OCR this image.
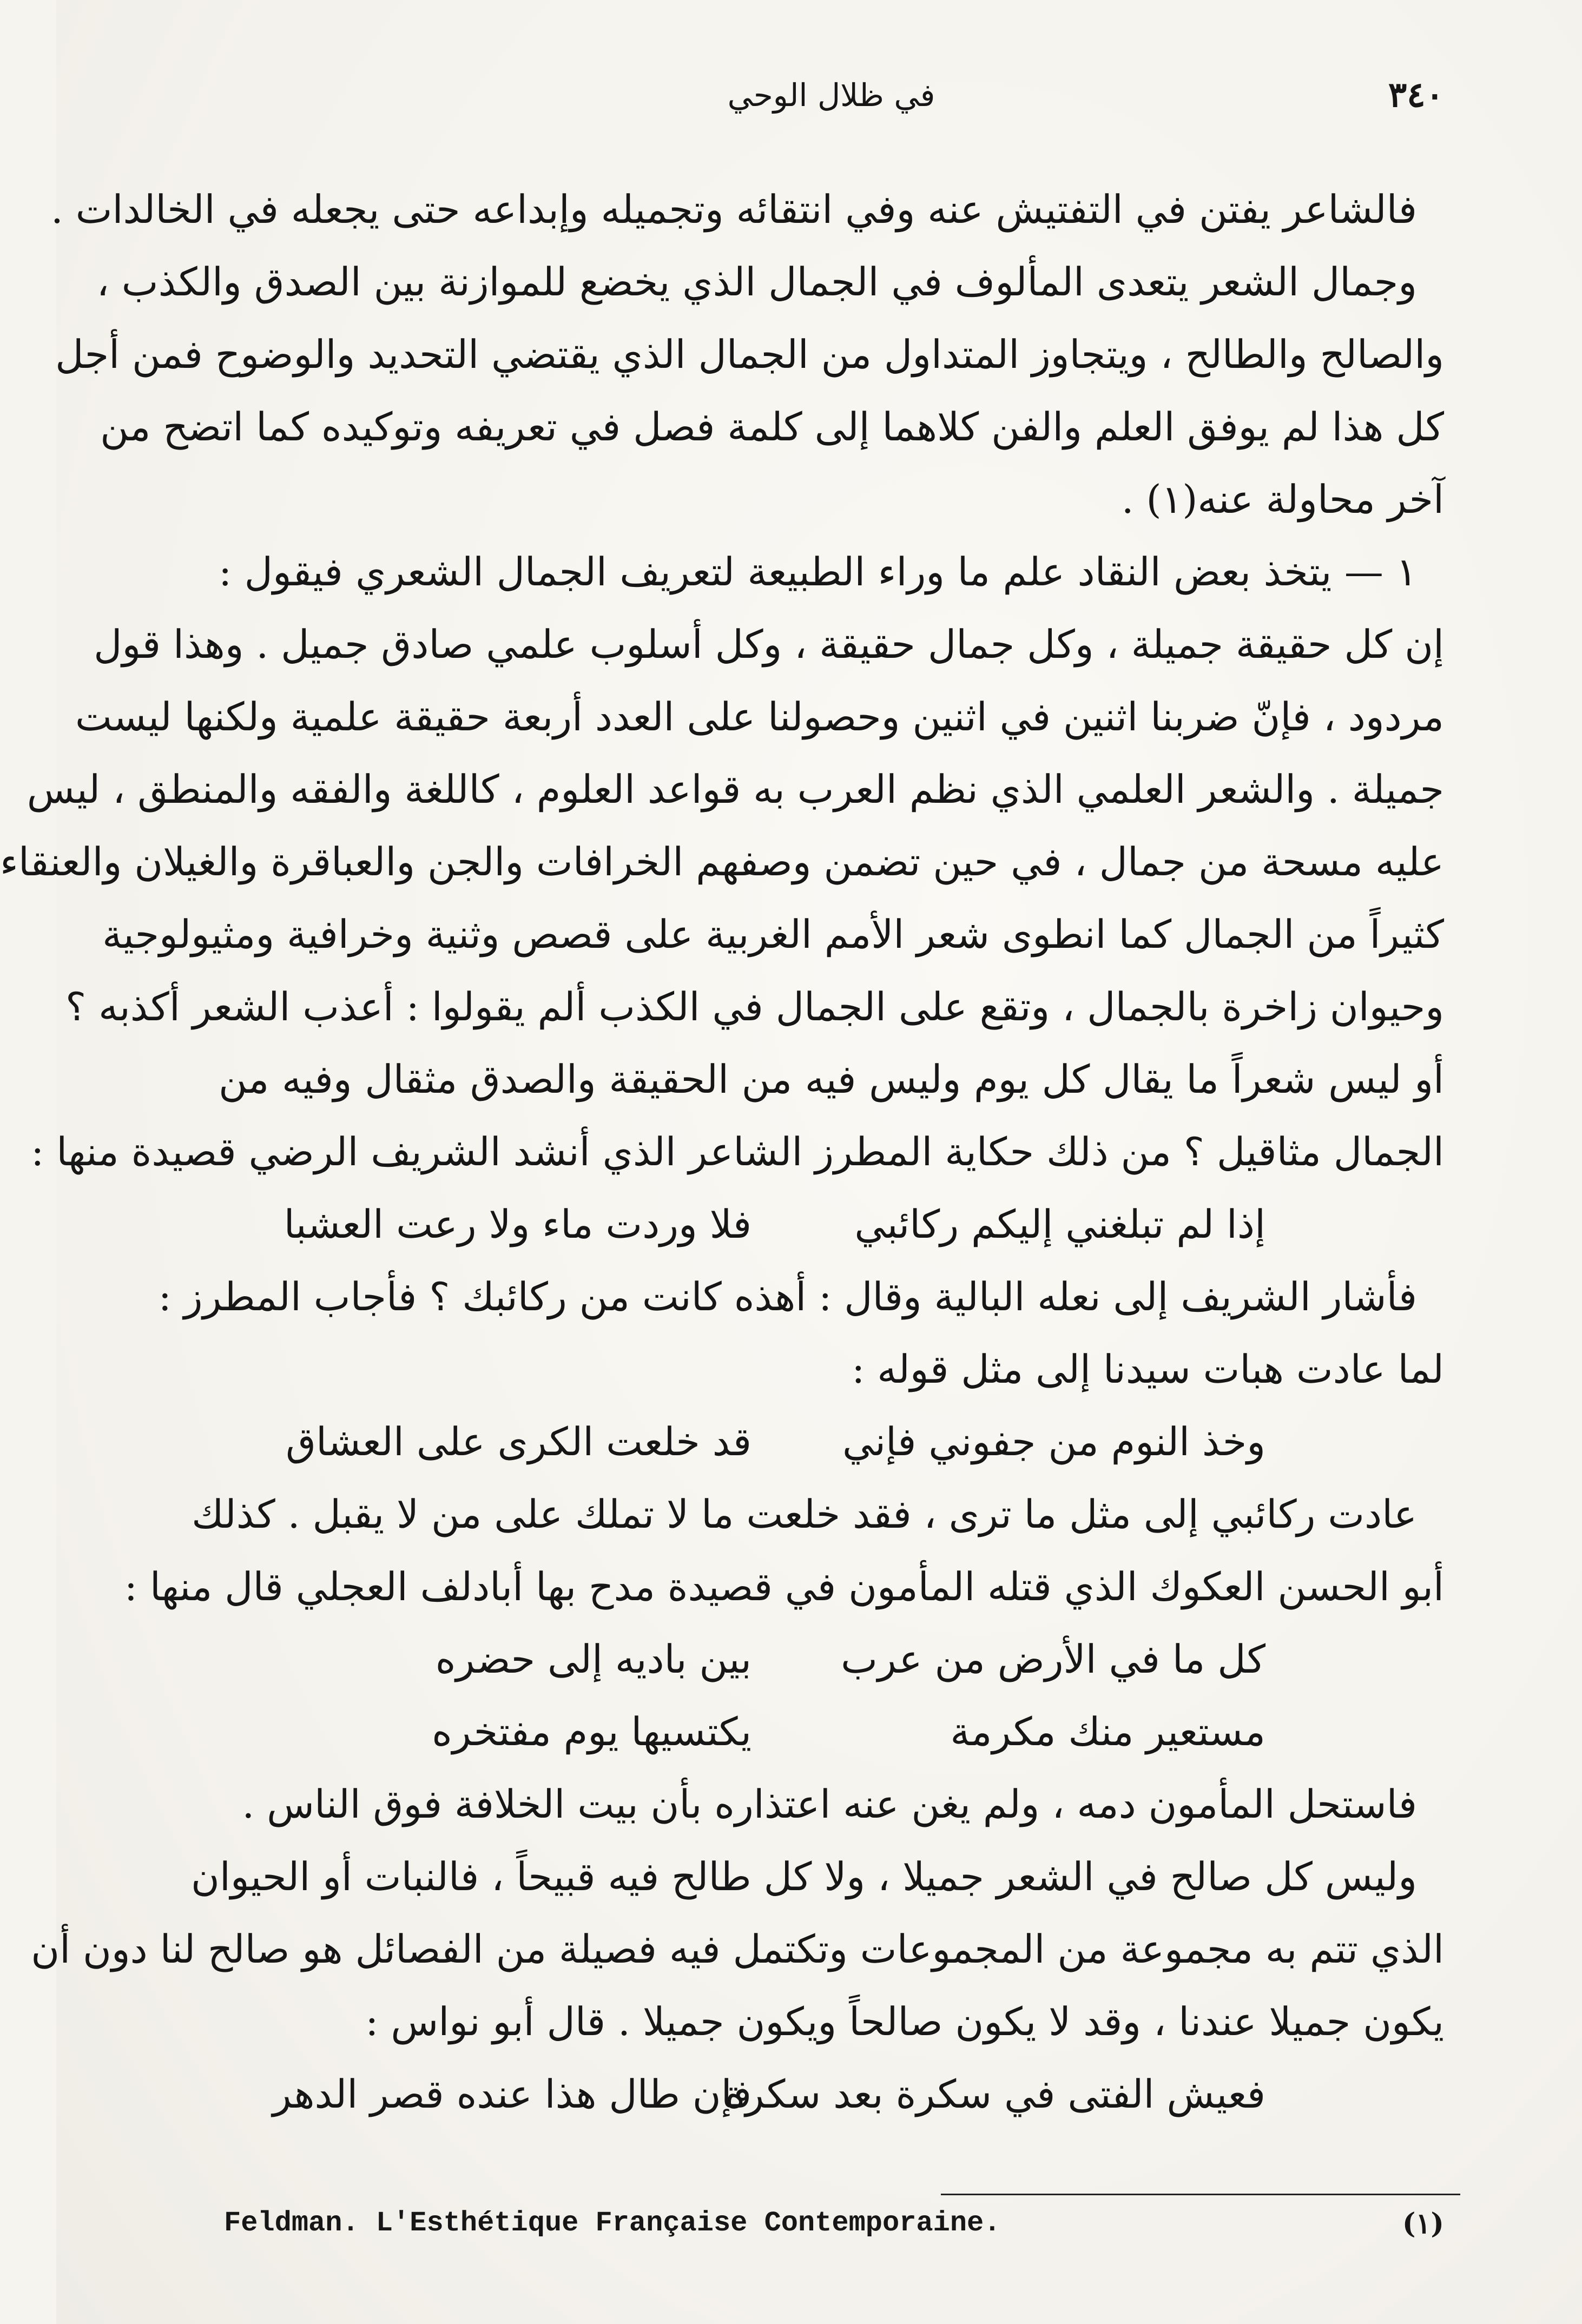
٣٤٠
في ظلال الوحي
فالشاعر يفتن في التفتيش عنه وفي انتقائه وتجميله وإبداعه حتى يجعله في الخالدات .
وجمال الشعر يتعدى المألوف في الجمال الذي يخضع للموازنة بين الصدق والكذب ،
والصالح والطالح ، ويتجاوز المتداول من الجمال الذي يقتضي التحديد والوضوح فمن أجل
كل هذا لم يوفق العلم والفن كلاهما إلى كلمة فصل في تعريفه وتوكيده كما اتضح من
آخر محاولة عنه(١) .
١ — يتخذ بعض النقاد علم ما وراء الطبيعة لتعريف الجمال الشعري فيقول :
إن كل حقيقة جميلة ، وكل جمال حقيقة ، وكل أسلوب علمي صادق جميل . وهذا قول
مردود ، فإنّ ضربنا اثنين في اثنين وحصولنا على العدد أربعة حقيقة علمية ولكنها ليست
جميلة . والشعر العلمي الذي نظم العرب به قواعد العلوم ، كاللغة والفقه والمنطق ، ليس
عليه مسحة من جمال ، في حين تضمن وصفهم الخرافات والجن والعباقرة والغيلان والعنقاء
كثيراً من الجمال كما انطوى شعر الأمم الغربية على قصص وثنية وخرافية ومثيولوجية
وحيوان زاخرة بالجمال ، وتقع على الجمال في الكذب ألم يقولوا : أعذب الشعر أكذبه ؟
أو ليس شعراً ما يقال كل يوم وليس فيه من الحقيقة والصدق مثقال وفيه من
الجمال مثاقيل ؟ من ذلك حكاية المطرز الشاعر الذي أنشد الشريف الرضي قصيدة منها :
إذا لم تبلغني إليكم ركائبي
فلا وردت ماء ولا رعت العشبا
فأشار الشريف إلى نعله البالية وقال : أهذه كانت من ركائبك ؟ فأجاب المطرز :
لما عادت هبات سيدنا إلى مثل قوله :
وخذ النوم من جفوني فإني
قد خلعت الكرى على العشاق
عادت ركائبي إلى مثل ما ترى ، فقد خلعت ما لا تملك على من لا يقبل . كذلك
أبو الحسن العكوك الذي قتله المأمون في قصيدة مدح بها أبادلف العجلي قال منها :
كل ما في الأرض من عرب
بين باديه إلى حضره
مستعير منك مكرمة
يكتسيها يوم مفتخره
فاستحل المأمون دمه ، ولم يغن عنه اعتذاره بأن بيت الخلافة فوق الناس .
وليس كل صالح في الشعر جميلا ، ولا كل طالح فيه قبيحاً ، فالنبات أو الحيوان
الذي تتم به مجموعة من المجموعات وتكتمل فيه فصيلة من الفصائل هو صالح لنا دون أن
يكون جميلا عندنا ، وقد لا يكون صالحاً ويكون جميلا . قال أبو نواس :
فعيش الفتى في سكرة بعد سكرة
فإن طال هذا عنده قصر الدهر
Feldman. L'Esthétique Française Contemporaine.	(١)
